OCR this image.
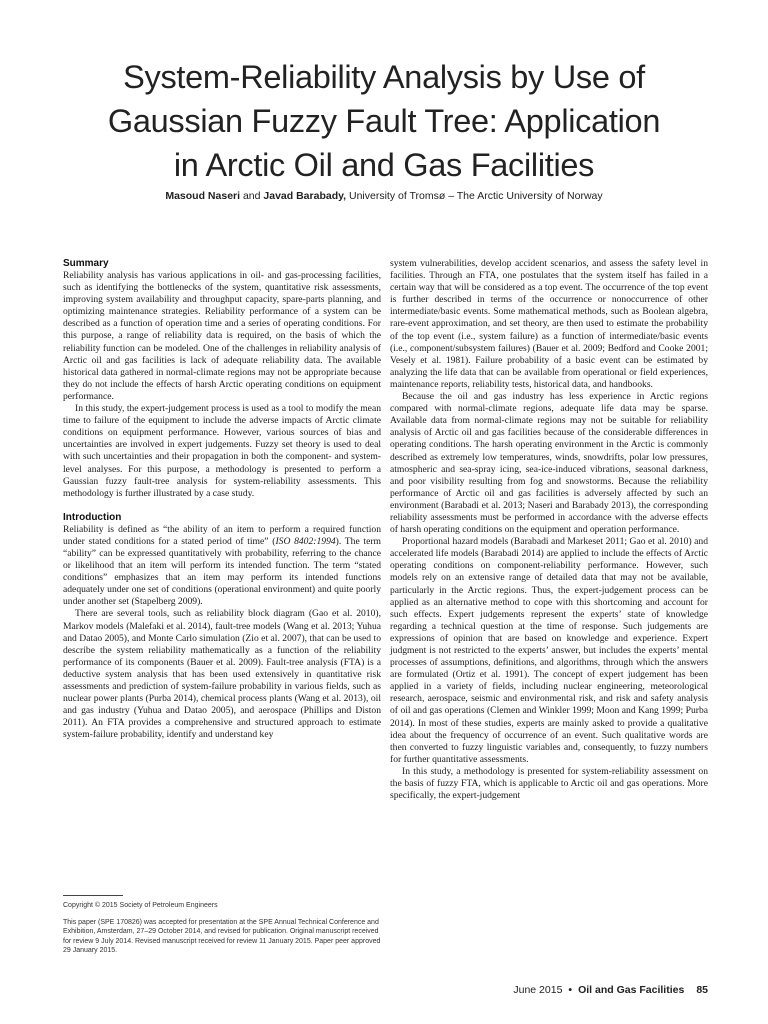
System-Reliability Analysis by Use of
Gaussian Fuzzy Fault Tree: Application
in Arctic Oil and Gas Facilities
Masoud Naseri and Javad Barabady, University of Tromsø – The Arctic University of Norway
Summary

Reliability analysis has various applications in oil- and gas-processing facilities, such as identifying the bottlenecks of the system, quantitative risk assessments, improving system availability and throughput capacity, spare-parts planning, and optimizing maintenance strategies. Reliability performance of a system can be described as a function of operation time and a series of operating conditions. For this purpose, a range of reliability data is required, on the basis of which the reliability function can be modeled. One of the challenges in reliability analysis of Arctic oil and gas facilities is lack of adequate reliability data. The available historical data gathered in normal-climate regions may not be appropriate because they do not include the effects of harsh Arctic operating conditions on equipment performance.

In this study, the expert-judgement process is used as a tool to modify the mean time to failure of the equipment to include the adverse impacts of Arctic climate conditions on equipment performance. However, various sources of bias and uncertainties are involved in expert judgements. Fuzzy set theory is used to deal with such uncertainties and their propagation in both the component- and system-level analyses. For this purpose, a methodology is presented to perform a Gaussian fuzzy fault-tree analysis for system-reliability assessments. This methodology is further illustrated by a case study.

Introduction

Reliability is defined as “the ability of an item to perform a required function under stated conditions for a stated period of time” (ISO 8402:1994). The term “ability” can be expressed quantitatively with probability, referring to the chance or likelihood that an item will perform its intended function. The term “stated conditions” emphasizes that an item may perform its intended functions adequately under one set of conditions (operational environment) and quite poorly under another set (Stapelberg 2009).

There are several tools, such as reliability block diagram (Gao et al. 2010), Markov models (Malefaki et al. 2014), fault-tree models (Wang et al. 2013; Yuhua and Datao 2005), and Monte Carlo simulation (Zio et al. 2007), that can be used to describe the system reliability mathematically as a function of the reliability performance of its components (Bauer et al. 2009). Fault-tree analysis (FTA) is a deductive system analysis that has been used extensively in quantitative risk assessments and prediction of system-failure probability in various fields, such as nuclear power plants (Purba 2014), chemical process plants (Wang et al. 2013), oil and gas industry (Yuhua and Datao 2005), and aerospace (Phillips and Diston 2011). An FTA provides a comprehensive and structured approach to estimate system-failure probability, identify and understand key

system vulnerabilities, develop accident scenarios, and assess the safety level in facilities. Through an FTA, one postulates that the system itself has failed in a certain way that will be considered as a top event. The occurrence of the top event is further described in terms of the occurrence or nonoccurrence of other intermediate/basic events. Some mathematical methods, such as Boolean algebra, rare-event approximation, and set theory, are then used to estimate the probability of the top event (i.e., system failure) as a function of intermediate/basic events (i.e., component/subsystem failures) (Bauer et al. 2009; Bedford and Cooke 2001; Vesely et al. 1981). Failure probability of a basic event can be estimated by analyzing the life data that can be available from operational or field experiences, maintenance reports, reliability tests, historical data, and handbooks.

Because the oil and gas industry has less experience in Arctic regions compared with normal-climate regions, adequate life data may be sparse. Available data from normal-climate regions may not be suitable for reliability analysis of Arctic oil and gas facilities because of the considerable differences in operating conditions. The harsh operating environment in the Arctic is commonly described as extremely low temperatures, winds, snowdrifts, polar low pressures, atmospheric and sea-spray icing, sea-ice-induced vibrations, seasonal darkness, and poor visibility resulting from fog and snowstorms. Because the reliability performance of Arctic oil and gas facilities is adversely affected by such an environment (Barabadi et al. 2013; Naseri and Barabady 2013), the corresponding reliability assessments must be performed in accordance with the adverse effects of harsh operating conditions on the equipment and operation performance.

Proportional hazard models (Barabadi and Markeset 2011; Gao et al. 2010) and accelerated life models (Barabadi 2014) are applied to include the effects of Arctic operating conditions on component-reliability performance. However, such models rely on an extensive range of detailed data that may not be available, particularly in the Arctic regions. Thus, the expert-judgement process can be applied as an alternative method to cope with this shortcoming and account for such effects. Expert judgements represent the experts’ state of knowledge regarding a technical question at the time of response. Such judgements are expressions of opinion that are based on knowledge and experience. Expert judgment is not restricted to the experts’ answer, but includes the experts’ mental processes of assumptions, definitions, and algorithms, through which the answers are formulated (Ortiz et al. 1991). The concept of expert judgement has been applied in a variety of fields, including nuclear engineering, meteorological research, aerospace, seismic and environmental risk, and risk and safety analysis of oil and gas operations (Clemen and Winkler 1999; Moon and Kang 1999; Purba 2014). In most of these studies, experts are mainly asked to provide a qualitative idea about the frequency of occurrence of an event. Such qualitative words are then converted to fuzzy linguistic variables and, consequently, to fuzzy numbers for further quantitative assessments.

In this study, a methodology is presented for system-reliability assessment on the basis of fuzzy FTA, which is applicable to Arctic oil and gas operations. More specifically, the expert-judgement

Copyright © 2015 Society of Petroleum Engineers

This paper (SPE 170826) was accepted for presentation at the SPE Annual Technical Conference and Exhibition, Amsterdam, 27–29 October 2014, and revised for publication. Original manuscript received for review 9 July 2014. Revised manuscript received for review 11 January 2015. Paper peer approved 29 January 2015.

June 2015 • Oil and Gas Facilities 85
